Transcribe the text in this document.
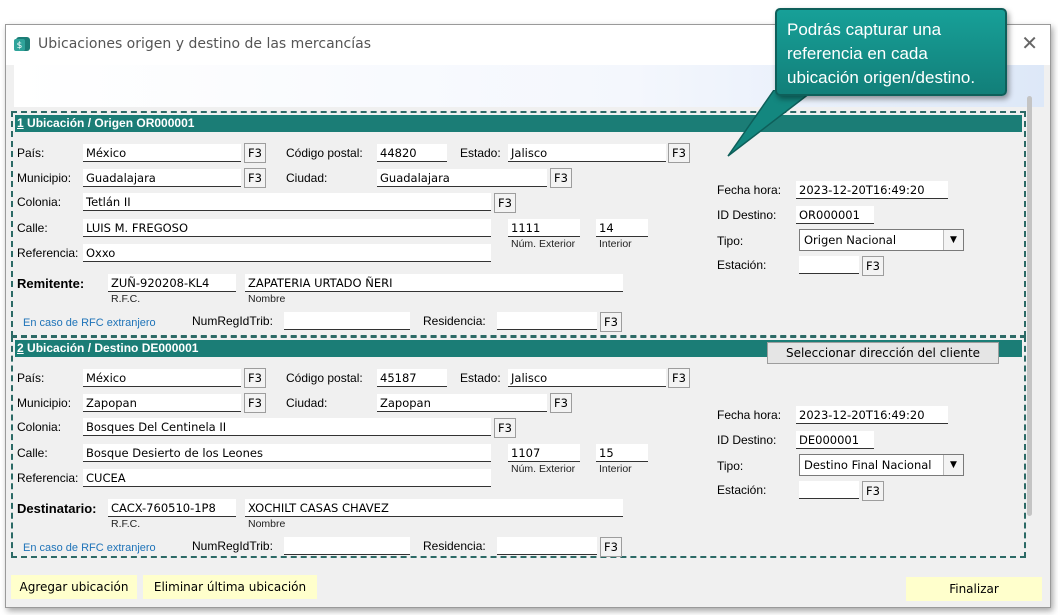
$ Ubicaciones origen y destino de las mercancías	✕
1 Ubicación / Origen OR000001
País:	México	F3	Código postal: 44820	Estado: Jalisco	F3
Municipio: Guadalajara	F3	Ciudad:	Guadalajara	F3
Colonia: Tetlán II	F3
Calle:	LUIS M. FREGOSO	1111	14
Núm. Exterior Interior
Referencia: Oxxo
Remitente: ZUÑ-920208-KL4	ZAPATERIA URTADO ÑERI
R.F.C.	Nombre
En caso de RFC extranjero	NumRegIdTrib:	Residencia:	F3
Fecha hora: 2023-12-20T16:49:20
ID Destino: OR000001
Tipo:	Origen Nacional	▼
Estación:	F3
2 Ubicación / Destino DE000001	Seleccionar dirección del cliente
País:	México	F3	Código postal: 45187	Estado: Jalisco	F3
Municipio: Zapopan	F3	Ciudad:	Zapopan	F3
Colonia: Bosques Del Centinela II	F3
Calle:	Bosque Desierto de los Leones	1107	15
Núm. Exterior Interior
Referencia: CUCEA
Destinatario: CACX-760510-1P8	XOCHILT CASAS CHAVEZ
R.F.C.	Nombre
En caso de RFC extranjero	NumRegIdTrib:	Residencia:	F3
Fecha hora: 2023-12-20T16:49:20
ID Destino: DE000001
Tipo:	Destino Final Nacional	▼
Estación:	F3
Agregar ubicación	Eliminar última ubicación	Finalizar
Podrás capturar una referencia en cada ubicación origen/destino.
